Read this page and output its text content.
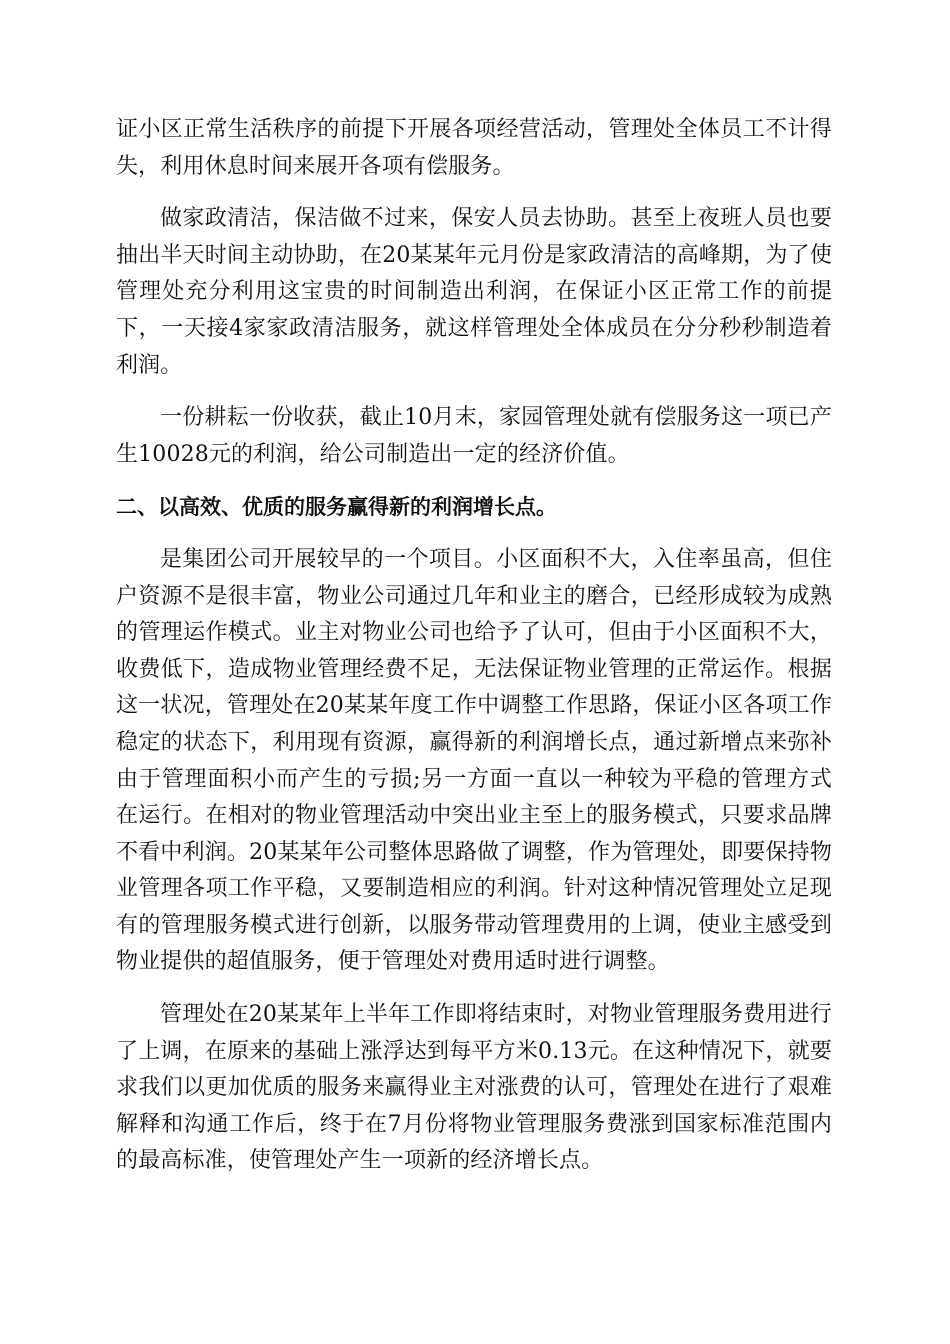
证小区正常生活秩序的前提下开展各项经营活动，管理处全体员工不计得失，利用休息时间来展开各项有偿服务。

做家政清洁，保洁做不过来，保安人员去协助。甚至上夜班人员也要抽出半天时间主动协助，在20某某年元月份是家政清洁的高峰期，为了使管理处充分利用这宝贵的时间制造出利润，在保证小区正常工作的前提下，一天接4家家政清洁服务，就这样管理处全体成员在分分秒秒制造着利润。

一份耕耘一份收获，截止10月末，家园管理处就有偿服务这一项已产生10028元的利润，给公司制造出一定的经济价值。

二、以高效、优质的服务赢得新的利润增长点。

是集团公司开展较早的一个项目。小区面积不大，入住率虽高，但住户资源不是很丰富，物业公司通过几年和业主的磨合，已经形成较为成熟的管理运作模式。业主对物业公司也给予了认可，但由于小区面积不大，收费低下，造成物业管理经费不足，无法保证物业管理的正常运作。根据这一状况，管理处在20某某年度工作中调整工作思路，保证小区各项工作稳定的状态下，利用现有资源，赢得新的利润增长点，通过新增点来弥补由于管理面积小而产生的亏损;另一方面一直以一种较为平稳的管理方式在运行。在相对的物业管理活动中突出业主至上的服务模式，只要求品牌不看中利润。20某某年公司整体思路做了调整，作为管理处，即要保持物业管理各项工作平稳，又要制造相应的利润。针对这种情况管理处立足现有的管理服务模式进行创新，以服务带动管理费用的上调，使业主感受到物业提供的超值服务，便于管理处对费用适时进行调整。

管理处在20某某年上半年工作即将结束时，对物业管理服务费用进行了上调，在原来的基础上涨浮达到每平方米0.13元。在这种情况下，就要求我们以更加优质的服务来赢得业主对涨费的认可，管理处在进行了艰难解释和沟通工作后，终于在7月份将物业管理服务费涨到国家标准范围内的最高标准，使管理处产生一项新的经济增长点。
